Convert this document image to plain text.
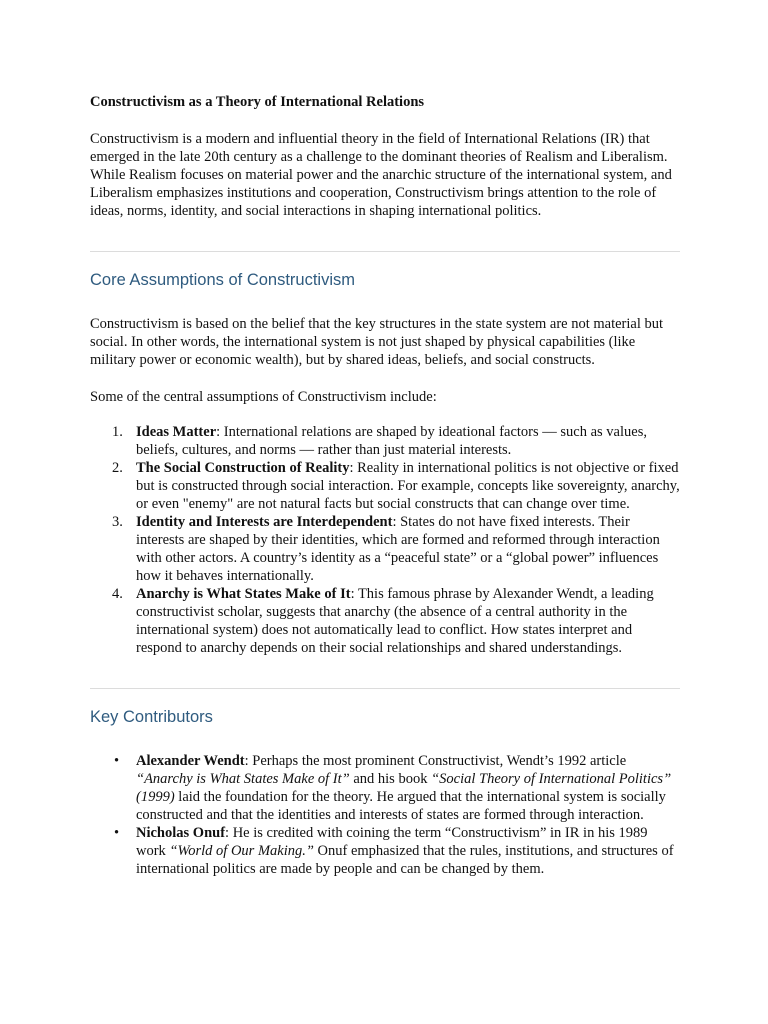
Constructivism as a Theory of International Relations

Constructivism is a modern and influential theory in the field of International Relations (IR) that emerged in the late 20th century as a challenge to the dominant theories of Realism and Liberalism. While Realism focuses on material power and the anarchic structure of the international system, and Liberalism emphasizes institutions and cooperation, Constructivism brings attention to the role of ideas, norms, identity, and social interactions in shaping international politics.

Core Assumptions of Constructivism

Constructivism is based on the belief that the key structures in the state system are not material but social. In other words, the international system is not just shaped by physical capabilities (like military power or economic wealth), but by shared ideas, beliefs, and social constructs.

Some of the central assumptions of Constructivism include:

1. Ideas Matter: International relations are shaped by ideational factors — such as values, beliefs, cultures, and norms — rather than just material interests.
2. The Social Construction of Reality: Reality in international politics is not objective or fixed but is constructed through social interaction. For example, concepts like sovereignty, anarchy, or even "enemy" are not natural facts but social constructs that can change over time.
3. Identity and Interests are Interdependent: States do not have fixed interests. Their interests are shaped by their identities, which are formed and reformed through interaction with other actors. A country’s identity as a “peaceful state” or a “global power” influences how it behaves internationally.
4. Anarchy is What States Make of It: This famous phrase by Alexander Wendt, a leading constructivist scholar, suggests that anarchy (the absence of a central authority in the international system) does not automatically lead to conflict. How states interpret and respond to anarchy depends on their social relationships and shared understandings.
Key Contributors
• Alexander Wendt: Perhaps the most prominent Constructivist, Wendt’s 1992 article “Anarchy is What States Make of It” and his book “Social Theory of International Politics” (1999) laid the foundation for the theory. He argued that the international system is socially constructed and that the identities and interests of states are formed through interaction.
• Nicholas Onuf: He is credited with coining the term “Constructivism” in IR in his 1989 work “World of Our Making.” Onuf emphasized that the rules, institutions, and structures of international politics are made by people and can be changed by them.
